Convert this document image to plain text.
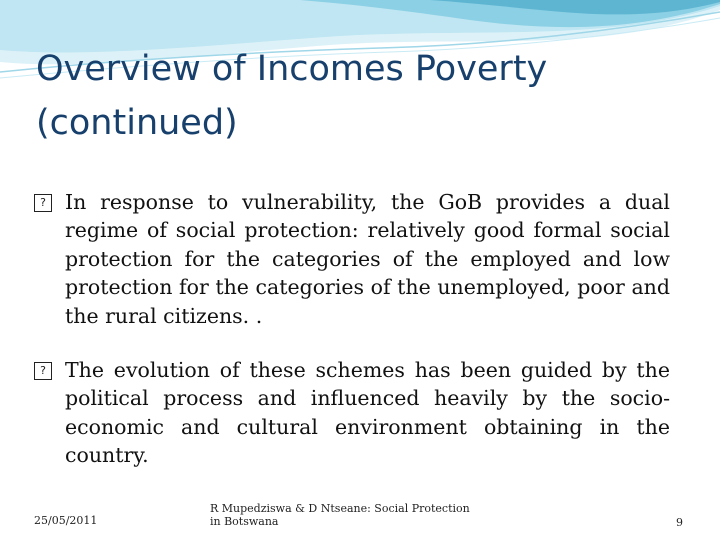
Overview of Incomes Poverty
(continued)
? In response to vulnerability, the GoB provides a dual regime of social protection: relatively good formal social protection for the categories of the employed and low protection for the categories of the unemployed, poor and the rural citizens. .
? The evolution of these schemes has been guided by the political process and influenced heavily by the socio-economic and cultural environment obtaining in the country.
25/05/2011
R Mupedziswa & D Ntseane: Social Protection in Botswana	9
